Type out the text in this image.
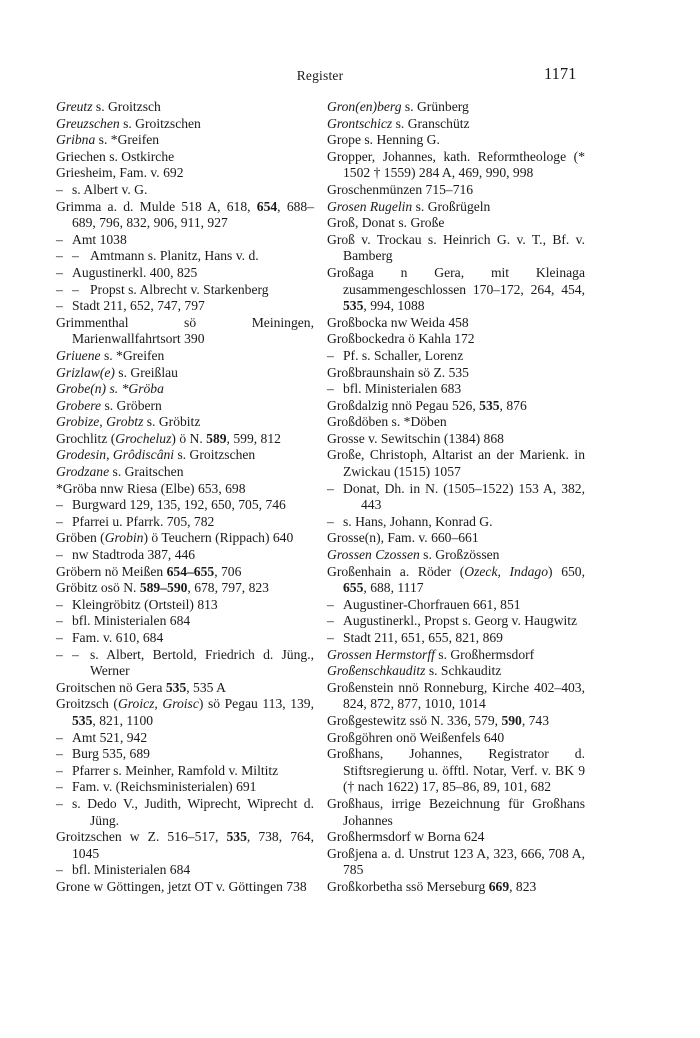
Register	1171
Greutz s. Groitzsch
Greuzschen s. Groitzschen
Gribna s. *Greifen
Griechen s. Ostkirche
Griesheim, Fam. v. 692
– s. Albert v. G.
Grimma a. d. Mulde 518 A, 618, 654, 688–689, 796, 832, 906, 911, 927
– Amt 1038
– – Amtmann s. Planitz, Hans v. d.
– Augustinerkl. 400, 825
– – Propst s. Albrecht v. Starkenberg
– Stadt 211, 652, 747, 797
Grimmenthal sö Meiningen, Marienwallfahrtsort 390
Griuene s. *Greifen
Grizlaw(e) s. Greißlau
Grobe(n) s. *Gröba
Grobere s. Gröbern
Grobize, Grobtz s. Gröbitz
Grochlitz (Grocheluz) ö N. 589, 599, 812
Grodesin, Grôdiscâni s. Groitzschen
Grodzane s. Graitschen
*Gröba nnw Riesa (Elbe) 653, 698
– Burgward 129, 135, 192, 650, 705, 746
– Pfarrei u. Pfarrk. 705, 782
Gröben (Grobin) ö Teuchern (Rippach) 640
– nw Stadtroda 387, 446
Gröbern nö Meißen 654–655, 706
Gröbitz osö N. 589–590, 678, 797, 823
– Kleingröbitz (Ortsteil) 813
– bfl. Ministerialen 684
– Fam. v. 610, 684
– – s. Albert, Bertold, Friedrich d. Jüng., Werner
Groitschen nö Gera 535, 535 A
Groitzsch (Groicz, Groisc) sö Pegau 113, 139, 535, 821, 1100
– Amt 521, 942
– Burg 535, 689
– Pfarrer s. Meinher, Ramfold v. Miltitz
– Fam. v. (Reichsministerialen) 691
– s. Dedo V., Judith, Wiprecht, Wiprecht d. Jüng.
Groitzschen w Z. 516–517, 535, 738, 764, 1045
– bfl. Ministerialen 684
Grone w Göttingen, jetzt OT v. Göttingen 738
Gron(en)berg s. Grünberg
Grontschicz s. Granschütz
Grope s. Henning G.
Gropper, Johannes, kath. Reformtheologe (* 1502 † 1559) 284 A, 469, 990, 998
Groschenmünzen 715–716
Grosen Rugelin s. Großrügeln
Groß, Donat s. Große
Groß v. Trockau s. Heinrich G. v. T., Bf. v. Bamberg
Großaga n Gera, mit Kleinaga zusammengeschlossen 170–172, 264, 454, 535, 994, 1088
Großbocka nw Weida 458
Großbockedra ö Kahla 172
– Pf. s. Schaller, Lorenz
Großbraunshain sö Z. 535
– bfl. Ministerialen 683
Großdalzig nnö Pegau 526, 535, 876
Großdöben s. *Döben
Grosse v. Sewitschin (1384) 868
Große, Christoph, Altarist an der Marienk. in Zwickau (1515) 1057
– Donat, Dh. in N. (1505–1522) 153 A, 382, 443
– s. Hans, Johann, Konrad G.
Grosse(n), Fam. v. 660–661
Grossen Czossen s. Großzössen
Großenhain a. Röder (Ozeck, Indago) 650, 655, 688, 1117
– Augustiner-Chorfrauen 661, 851
– Augustinerkl., Propst s. Georg v. Haugwitz
– Stadt 211, 651, 655, 821, 869
Grossen Hermstorff s. Großhermsdorf
Großenschkauditz s. Schkauditz
Großenstein nnö Ronneburg, Kirche 402–403, 824, 872, 877, 1010, 1014
Großgestewitz ssö N. 336, 579, 590, 743
Großgöhren onö Weißenfels 640
Großhans, Johannes, Registrator d. Stiftsregierung u. öfftl. Notar, Verf. v. BK 9 († nach 1622) 17, 85–86, 89, 101, 682
Großhaus, irrige Bezeichnung für Großhans Johannes
Großhermsdorf w Borna 624
Großjena a. d. Unstrut 123 A, 323, 666, 708 A, 785
Großkorbetha ssö Merseburg 669, 823
